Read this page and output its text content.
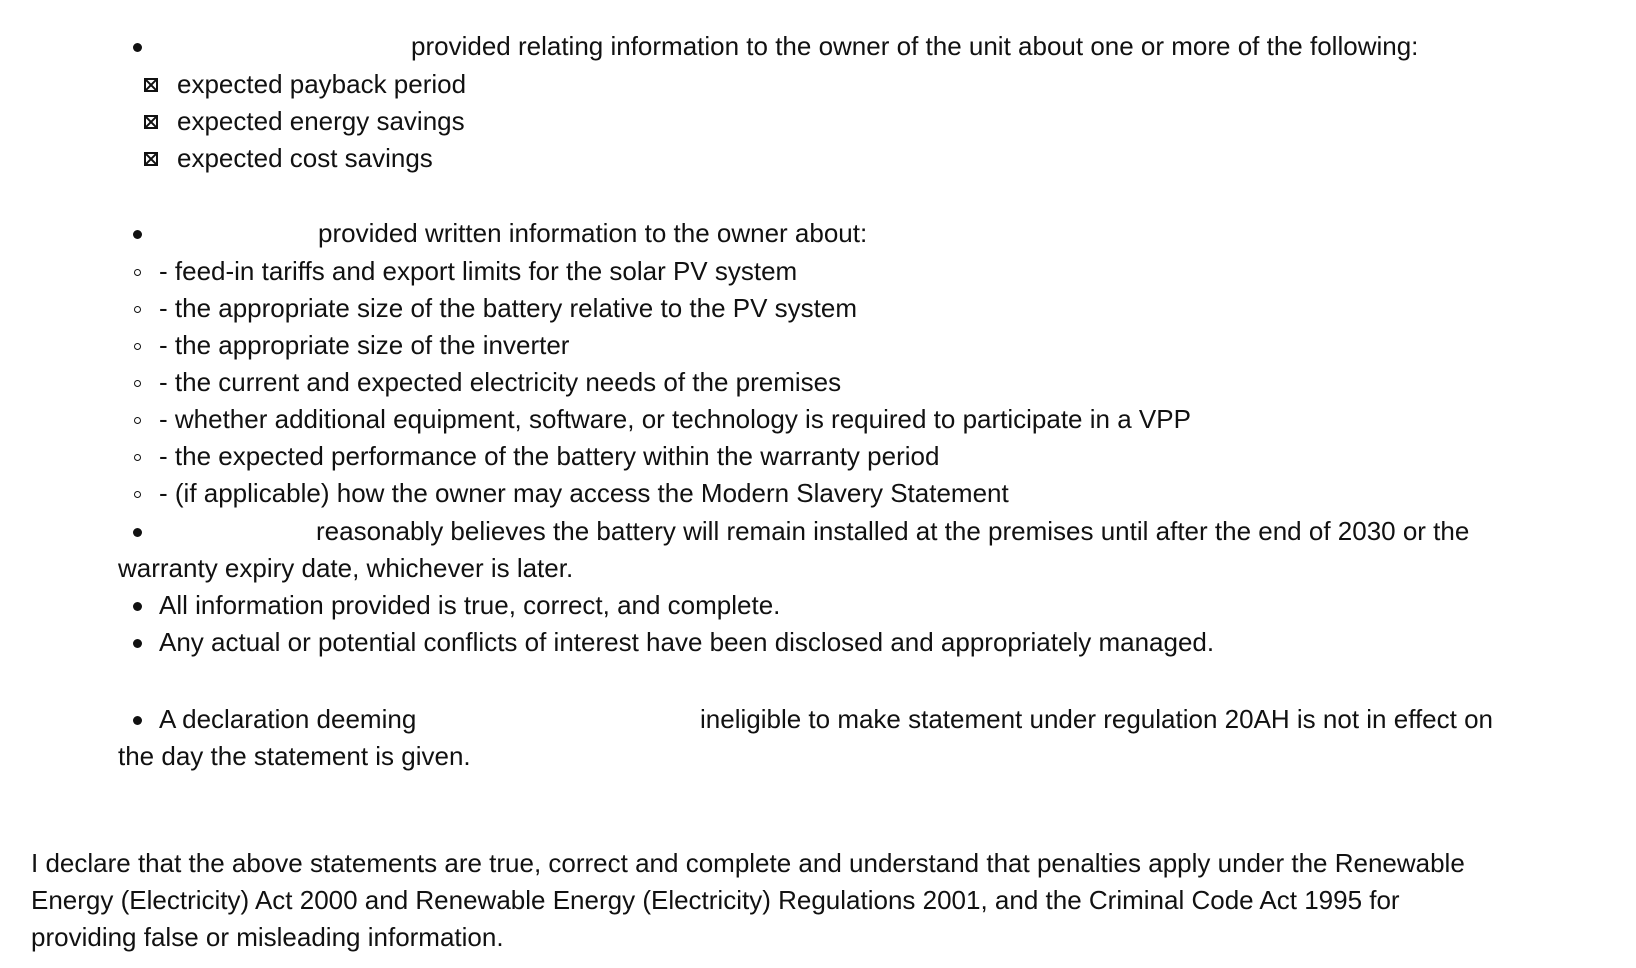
provided relating information to the owner of the unit about one or more of the following:
expected payback period
expected energy savings
expected cost savings
provided written information to the owner about:
- feed-in tariffs and export limits for the solar PV system
- the appropriate size of the battery relative to the PV system
- the appropriate size of the inverter
- the current and expected electricity needs of the premises
- whether additional equipment, software, or technology is required to participate in a VPP
- the expected performance of the battery within the warranty period
- (if applicable) how the owner may access the Modern Slavery Statement
reasonably believes the battery will remain installed at the premises until after the end of 2030 or the
warranty expiry date, whichever is later.
All information provided is true, correct, and complete.
Any actual or potential conflicts of interest have been disclosed and appropriately managed.
A declaration deeming	ineligible to make statement under regulation 20AH is not in effect on
the day the statement is given.
I declare that the above statements are true, correct and complete and understand that penalties apply under the Renewable
Energy (Electricity) Act 2000 and Renewable Energy (Electricity) Regulations 2001, and the Criminal Code Act 1995 for
providing false or misleading information.
